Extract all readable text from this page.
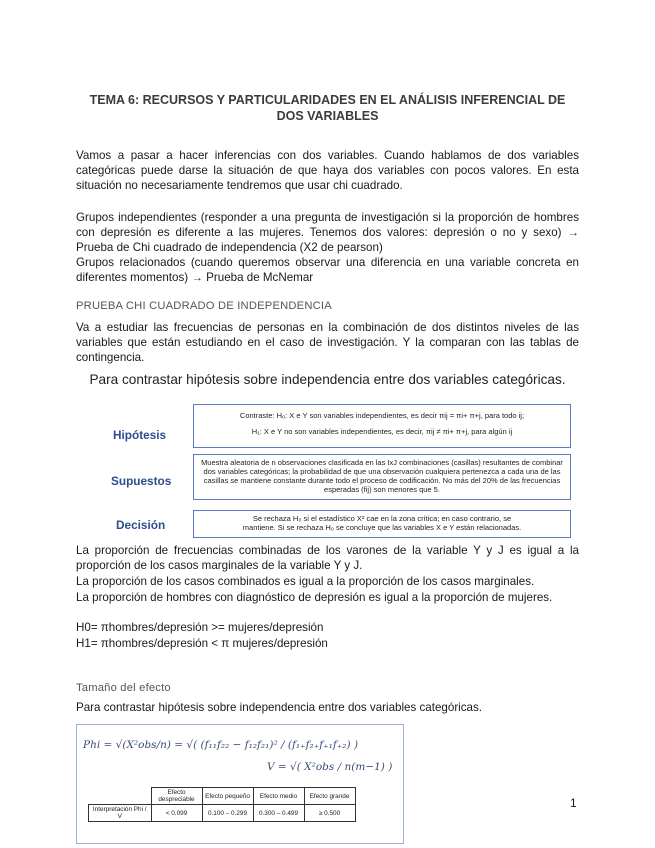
TEMA 6: RECURSOS Y PARTICULARIDADES EN EL ANÁLISIS INFERENCIAL DE DOS VARIABLES

Vamos a pasar a hacer inferencias con dos variables. Cuando hablamos de dos variables categóricas puede darse la situación de que haya dos variables con pocos valores. En esta situación no necesariamente tendremos que usar chi cuadrado.

Grupos independientes (responder a una pregunta de investigación si la proporción de hombres con depresión es diferente a las mujeres. Tenemos dos valores: depresión o no y sexo) → Prueba de Chi cuadrado de independencia (X2 de pearson)

Grupos relacionados (cuando queremos observar una diferencia en una variable concreta en diferentes momentos) → Prueba de McNemar

PRUEBA CHI CUADRADO DE INDEPENDENCIA

Va a estudiar las frecuencias de personas en la combinación de dos distintos niveles de las variables que están estudiando en el caso de investigación. Y la comparan con las tablas de contingencia.

Para contrastar hipótesis sobre independencia entre dos variables categóricas.
Hipótesis
Contraste: H₀: X e Y son variables independientes, es decir πij = πi+ π+j, para todo ij;
H₁: X e Y no son variables independientes, es decir, πij ≠ πi+ π+j, para algún ij
Supuestos
Muestra aleatoria de n observaciones clasificada en las IxJ combinaciones (casillas) resultantes de combinar dos variables categóricas; la probabilidad de que una observación cualquiera pertenezca a cada una de las casillas se mantiene constante durante todo el proceso de codificación. No más del 20% de las frecuencias esperadas (fij) son menores que 5.
Decisión	Se rechaza H₀ si el estadístico X² cae en la zona crítica; en caso contrario, se
mantiene. Si se rechaza H₀ se concluye que las variables X e Y están relacionadas.

La proporción de frecuencias combinadas de los varones de la variable Y y J es igual a la proporción de los casos marginales de la variable Y y J.

La proporción de los casos combinados es igual a la proporción de los casos marginales.

La proporción de hombres con diagnóstico de depresión es igual a la proporción de mujeres.

H0= πhombres/depresión >= mujeres/depresión

H1= πhombres/depresión < π mujeres/depresión

Tamaño del efecto

Para contrastar hipótesis sobre independencia entre dos variables categóricas.

Phi = √(X²obs/n) = √( (f₁₁f₂₂ − f₁₂f₂₁)² / (f₁₊f₂₊f₊₁f₊₂) )
V = √( X²obs / n(m−1) )
	Efecto despreciable	Efecto pequeño	Efecto medio	Efecto grande
Interpretación Phi / V	< 0.099	0.100 – 0.299	0.300 – 0.499	≥ 0.500
1
